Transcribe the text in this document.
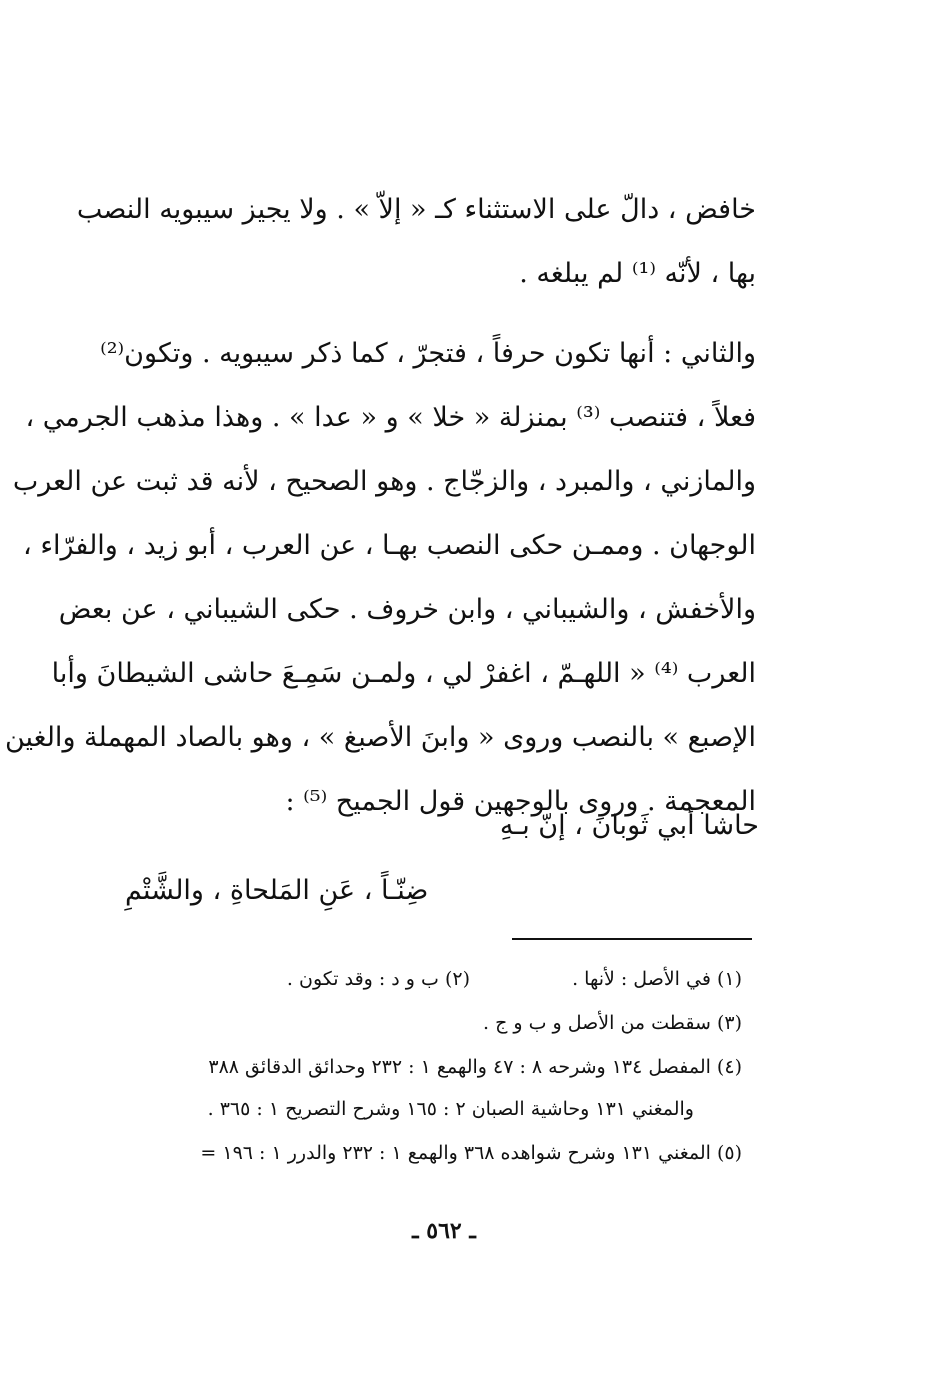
خافض ، دالّ على الاستثناء كـ « إلاّ » . ولا يجيز سيبويه النصب
بها ، لأنّه ⁽¹⁾ لم يبلغه .
والثاني : أنها تكون حرفاً ، فتجرّ ، كما ذكر سيبويه . وتكون⁽²⁾
فعلاً ، فتنصب ⁽³⁾ بمنزلة « خلا » و « عدا » . وهذا مذهب الجرمي ،
والمازني ، والمبرد ، والزجّاج . وهو الصحيح ، لأنه قد ثبت عن العرب
الوجهان . وممـن حكى النصب بهـا ، عن العرب ، أبو زيد ، والفرّاء ،
والأخفش ، والشيباني ، وابن خروف . حكى الشيباني ، عن بعض
العرب ⁽⁴⁾ « اللهـمّ ، اغفرْ لي ، ولمـن سَمِـعَ حاشى الشيطانَ وأبا
الإصبع » بالنصب وروى « وابنَ الأصبغ » ، وهو بالصاد المهملة والغين
المعجمة . وروى بالوجهين قول الجميح ⁽⁵⁾ :
حاشا أبي ثَوبانَ ، إنّ بـهِ
ضِنّـاً ، عَنِ المَلحاةِ ، والشَّتْمِ
(١) في الأصل : لأنها .
(٢) ب و د : وقد تكون .
(٣) سقطت من الأصل و ب و ج .
(٤) المفصل ١٣٤ وشرحه ٨ : ٤٧ والهمع ١ : ٢٣٢ وحدائق الدقائق ٣٨٨
والمغني ١٣١ وحاشية الصبان ٢ : ١٦٥ وشرح التصريح ١ : ٣٦٥ .
(٥) المغني ١٣١ وشرح شواهده ٣٦٨ والهمع ١ : ٢٣٢ والدرر ١ : ١٩٦ =
ـ ٥٦٢ ـ
